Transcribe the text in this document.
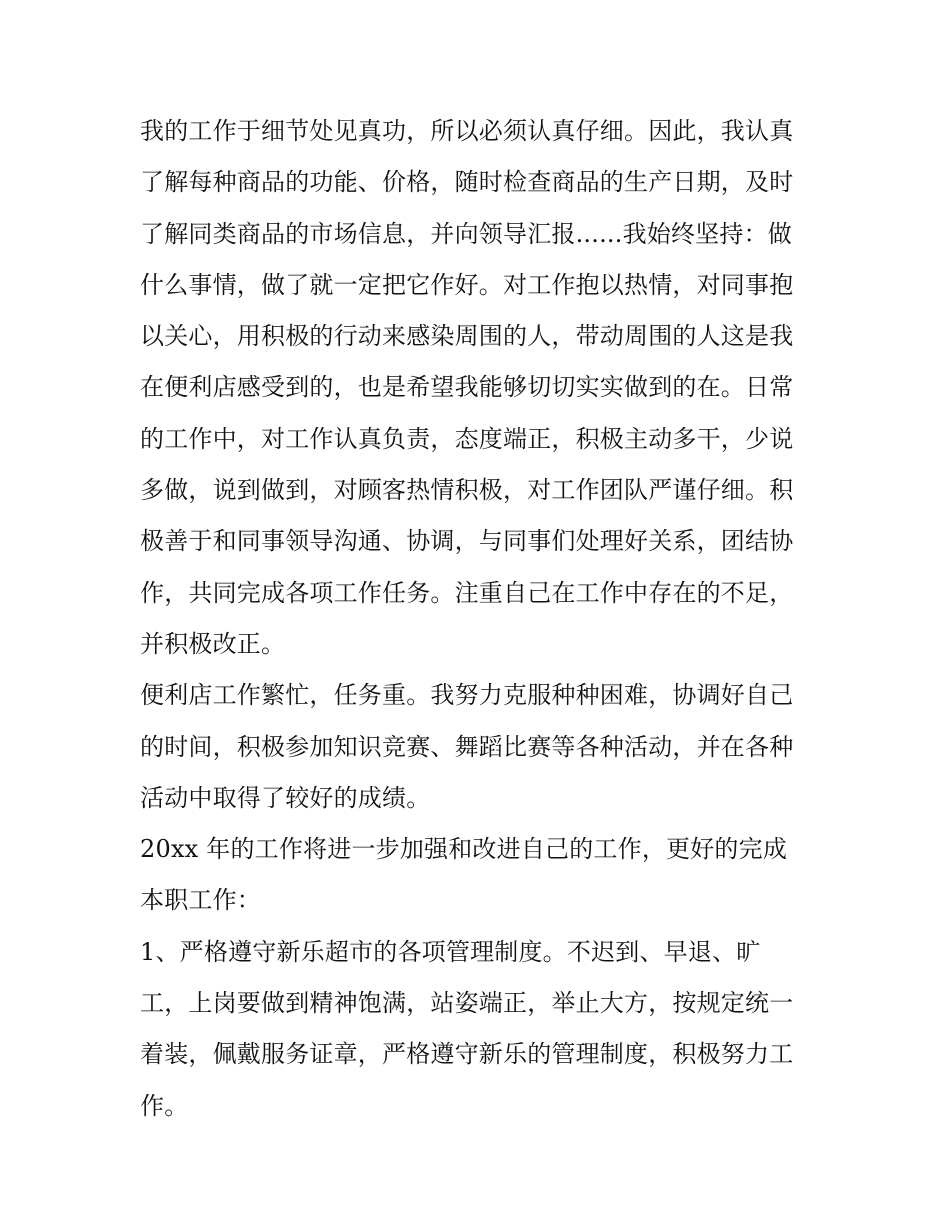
我的工作于细节处见真功，所以必须认真仔细。因此，我认真
了解每种商品的功能、价格，随时检查商品的生产日期，及时
了解同类商品的市场信息，并向领导汇报......我始终坚持：做
什么事情，做了就一定把它作好。对工作抱以热情，对同事抱
以关心，用积极的行动来感染周围的人，带动周围的人这是我
在便利店感受到的，也是希望我能够切切实实做到的在。日常
的工作中，对工作认真负责，态度端正，积极主动多干，少说
多做，说到做到，对顾客热情积极，对工作团队严谨仔细。积
极善于和同事领导沟通、协调，与同事们处理好关系，团结协
作，共同完成各项工作任务。注重自己在工作中存在的不足，
并积极改正。
便利店工作繁忙，任务重。我努力克服种种困难，协调好自己
的时间，积极参加知识竞赛、舞蹈比赛等各种活动，并在各种
活动中取得了较好的成绩。
20xx 年的工作将进一步加强和改进自己的工作，更好的完成
本职工作：
1、严格遵守新乐超市的各项管理制度。不迟到、早退、旷
工，上岗要做到精神饱满，站姿端正，举止大方，按规定统一
着装，佩戴服务证章，严格遵守新乐的管理制度，积极努力工
作。
